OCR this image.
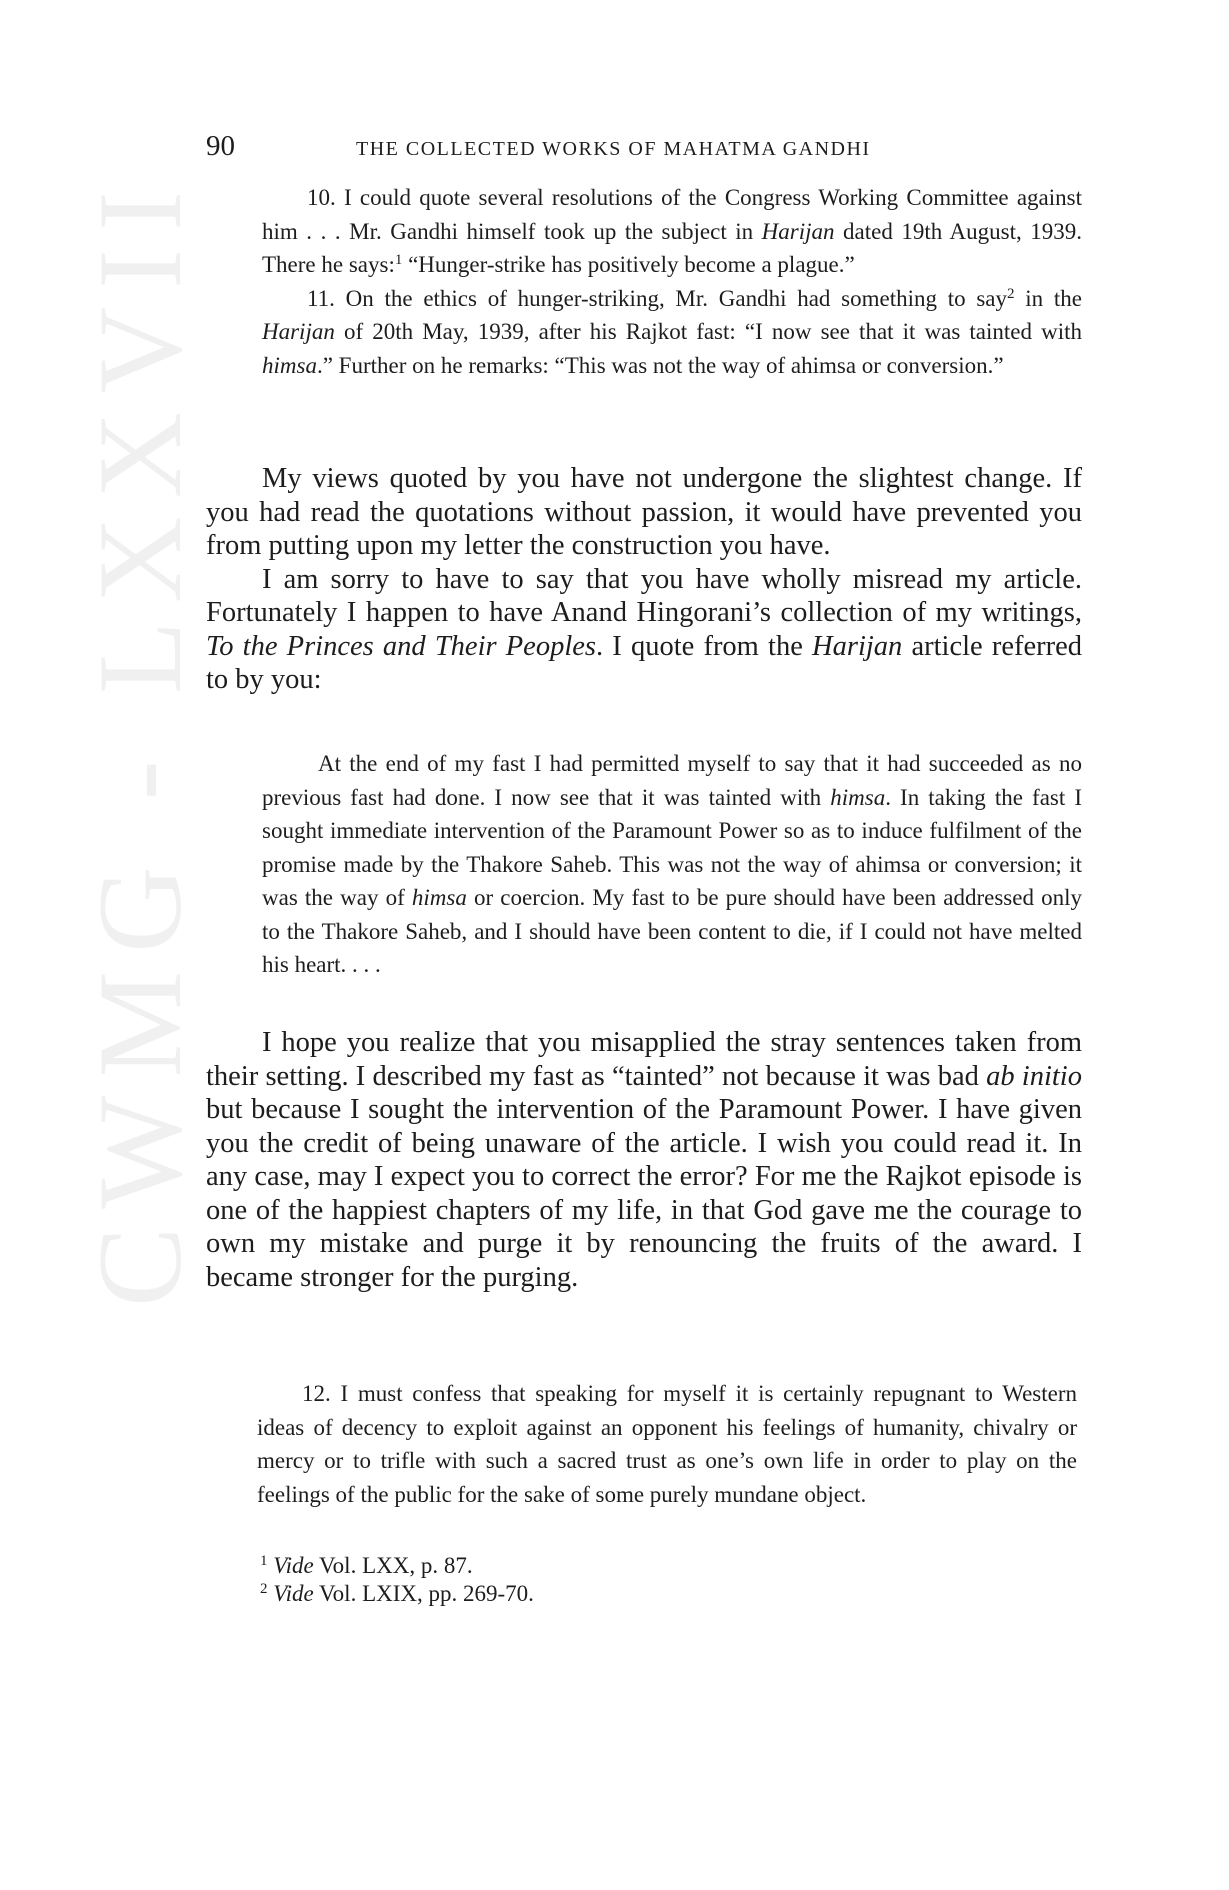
CWMG - LXXVII
90	THE COLLECTED WORKS OF MAHATMA GANDHI

10. I could quote several resolutions of the Congress Working Committee against him . . . Mr. Gandhi himself took up the subject in Harijan dated 19th August, 1939. There he says:$^1$ “Hunger-strike has positively become a plague.”

11. On the ethics of hunger-striking, Mr. Gandhi had something to say$^2$ in the Harijan of 20th May, 1939, after his Rajkot fast: “I now see that it was tainted with himsa.” Further on he remarks: “This was not the way of ahimsa or conversion.”

My views quoted by you have not undergone the slightest change. If you had read the quotations without passion, it would have prevented you from putting upon my letter the construction you have.

I am sorry to have to say that you have wholly misread my article. Fortunately I happen to have Anand Hingorani’s collection of my writings, To the Princes and Their Peoples. I quote from the Harijan article referred to by you:

At the end of my fast I had permitted myself to say that it had succeeded as no previous fast had done. I now see that it was tainted with himsa. In taking the fast I sought immediate intervention of the Paramount Power so as to induce fulfilment of the promise made by the Thakore Saheb. This was not the way of ahimsa or conversion; it was the way of himsa or coercion. My fast to be pure should have been addressed only to the Thakore Saheb, and I should have been content to die, if I could not have melted his heart. . . .

I hope you realize that you misapplied the stray sentences taken from their setting. I described my fast as “tainted” not because it was bad ab initio but because I sought the intervention of the Paramount Power. I have given you the credit of being unaware of the article. I wish you could read it. In any case, may I expect you to correct the error? For me the Rajkot episode is one of the happiest chapters of my life, in that God gave me the courage to own my mistake and purge it by renouncing the fruits of the award. I became stronger for the purging.

12. I must confess that speaking for myself it is certainly repugnant to Western ideas of decency to exploit against an opponent his feelings of humanity, chivalry or mercy or to trifle with such a sacred trust as one’s own life in order to play on the feelings of the public for the sake of some purely mundane object.

$^1$ Vide Vol. LXX, p. 87.
$^2$ Vide Vol. LXIX, pp. 269-70.
